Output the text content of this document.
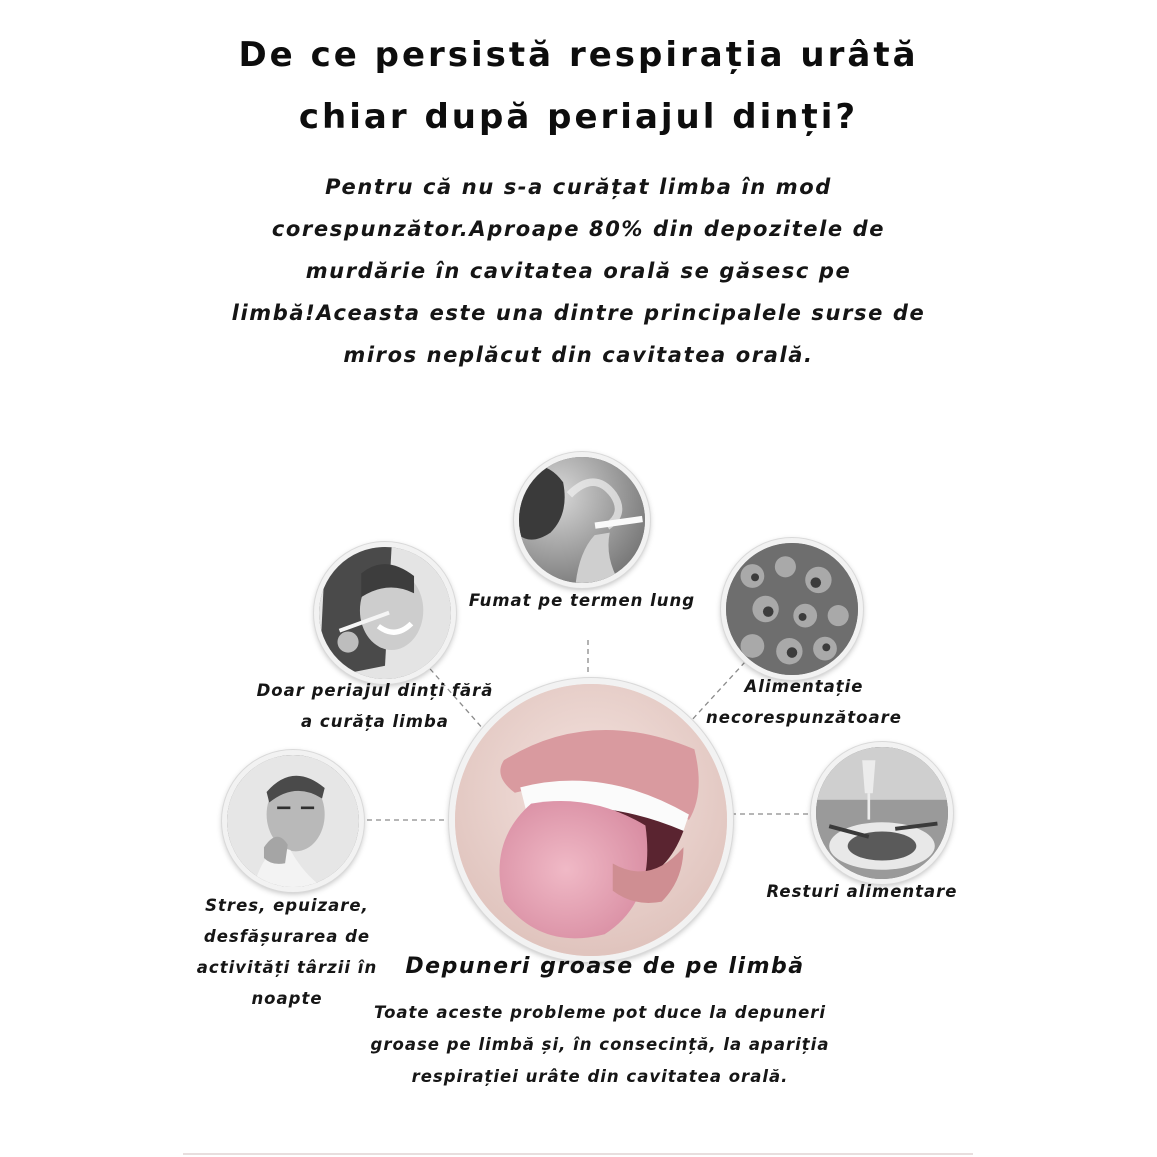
De ce persistă respirația urâtă
chiar după periajul dinți?
Pentru că nu s-a curățat limba în mod
corespunzător.Aproape 80% din depozitele de
murdărie în cavitatea orală se găsesc pe
limbă!Aceasta este una dintre principalele surse de
miros neplăcut din cavitatea orală.
Fumat pe termen lung
Doar periajul dinți fără
a curăța limba
Alimentație
necorespunzătoare
Stres, epuizare,
desfășurarea de
activități târzii în
noapte
Resturi alimentare
Depuneri groase de pe limbă
Toate aceste probleme pot duce la depuneri
groase pe limbă și, în consecință, la apariția
respirației urâte din cavitatea orală.
